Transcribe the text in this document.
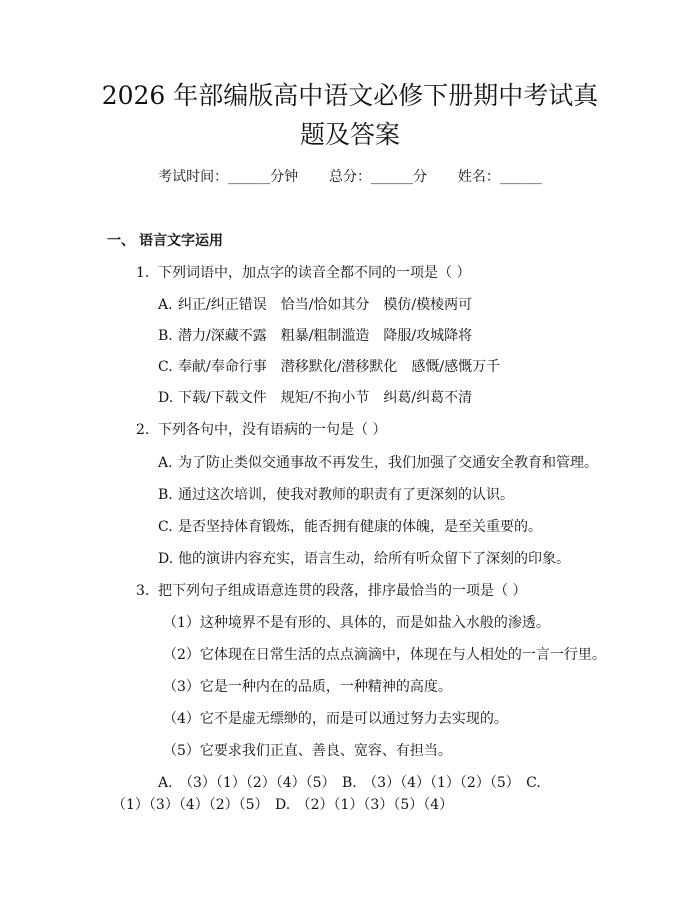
2026 年部编版高中语文必修下册期中考试真
题及答案
考试时间：______分钟 总分：______分 姓名：______
一、 语言文字运用
1. 下列词语中，加点字的读音全都不同的一项是（ ）
A. 纠正/纠正错误　恰当/恰如其分　模仿/模棱两可
B. 潜力/深藏不露　粗暴/粗制滥造　降服/攻城降将
C. 奉献/奉命行事　潜移默化/潜移默化　感慨/感慨万千
D. 下载/下载文件　规矩/不拘小节　纠葛/纠葛不清
2. 下列各句中，没有语病的一句是（ ）
A. 为了防止类似交通事故不再发生，我们加强了交通安全教育和管理。
B. 通过这次培训，使我对教师的职责有了更深刻的认识。
C. 是否坚持体育锻炼，能否拥有健康的体魄，是至关重要的。
D. 他的演讲内容充实，语言生动，给所有听众留下了深刻的印象。
3. 把下列句子组成语意连贯的段落，排序最恰当的一项是（ ）
（1）这种境界不是有形的、具体的，而是如盐入水般的渗透。
（2）它体现在日常生活的点点滴滴中，体现在与人相处的一言一行里。
（3）它是一种内在的品质，一种精神的高度。
（4）它不是虚无缥缈的，而是可以通过努力去实现的。
（5）它要求我们正直、善良、宽容、有担当。
A. （3）（1）（2）（4）（5） B. （3）（4）（1）（2）（5） C.
（1）（3）（4）（2）（5） D. （2）（1）（3）（5）（4）
